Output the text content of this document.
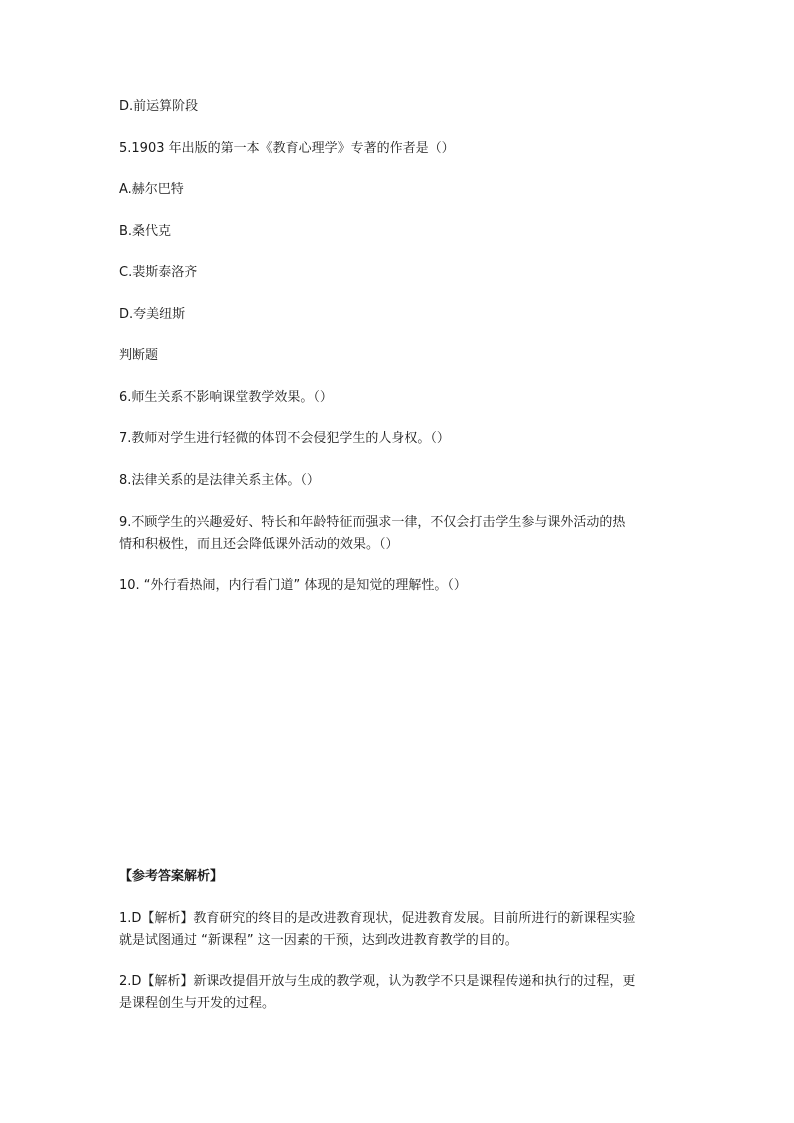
D.前运算阶段
5.1903 年出版的第一本《教育心理学》专著的作者是（）
A.赫尔巴特
B.桑代克
C.裴斯泰洛齐
D.夸美纽斯
判断题
6.师生关系不影响课堂教学效果。（）
7.教师对学生进行轻微的体罚不会侵犯学生的人身权。（）
8.法律关系的是法律关系主体。（）
9.不顾学生的兴趣爱好、特长和年龄特征而强求一律，不仅会打击学生参与课外活动的热
情和积极性，而且还会降低课外活动的效果。（）
10. “外行看热闹，内行看门道” 体现的是知觉的理解性。（）
【参考答案解析】
1.D【解析】教育研究的终目的是改进教育现状，促进教育发展。目前所进行的新课程实验
就是试图通过 “新课程” 这一因素的干预，达到改进教育教学的目的。
2.D【解析】新课改提倡开放与生成的教学观，认为教学不只是课程传递和执行的过程，更
是课程创生与开发的过程。
